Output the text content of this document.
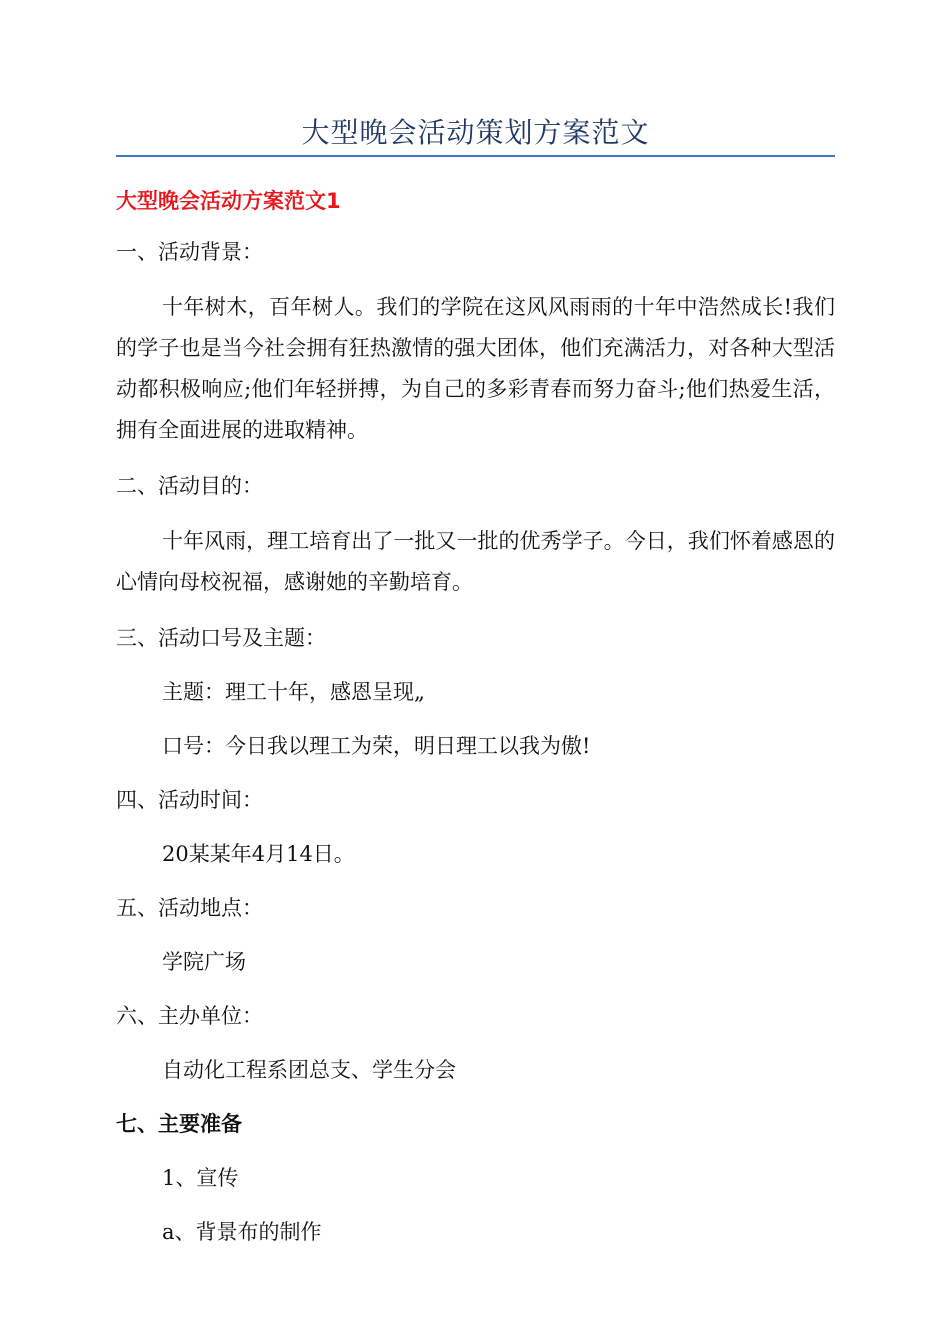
大型晚会活动策划方案范文
大型晚会活动方案范文1

一、活动背景：

十年树木，百年树人。我们的学院在这风风雨雨的十年中浩然成长!我们的学子也是当今社会拥有狂热激情的强大团体，他们充满活力，对各种大型活动都积极响应;他们年轻拼搏，为自己的多彩青春而努力奋斗;他们热爱生活，拥有全面进展的进取精神。

二、活动目的：

十年风雨，理工培育出了一批又一批的优秀学子。今日，我们怀着感恩的心情向母校祝福，感谢她的辛勤培育。

三、活动口号及主题：

主题：理工十年，感恩呈现„

口号：今日我以理工为荣，明日理工以我为傲!

四、活动时间：

20某某年4月14日。

五、活动地点：

学院广场

六、主办单位：

自动化工程系团总支、学生分会

七、主要准备

1、宣传

a、背景布的制作
